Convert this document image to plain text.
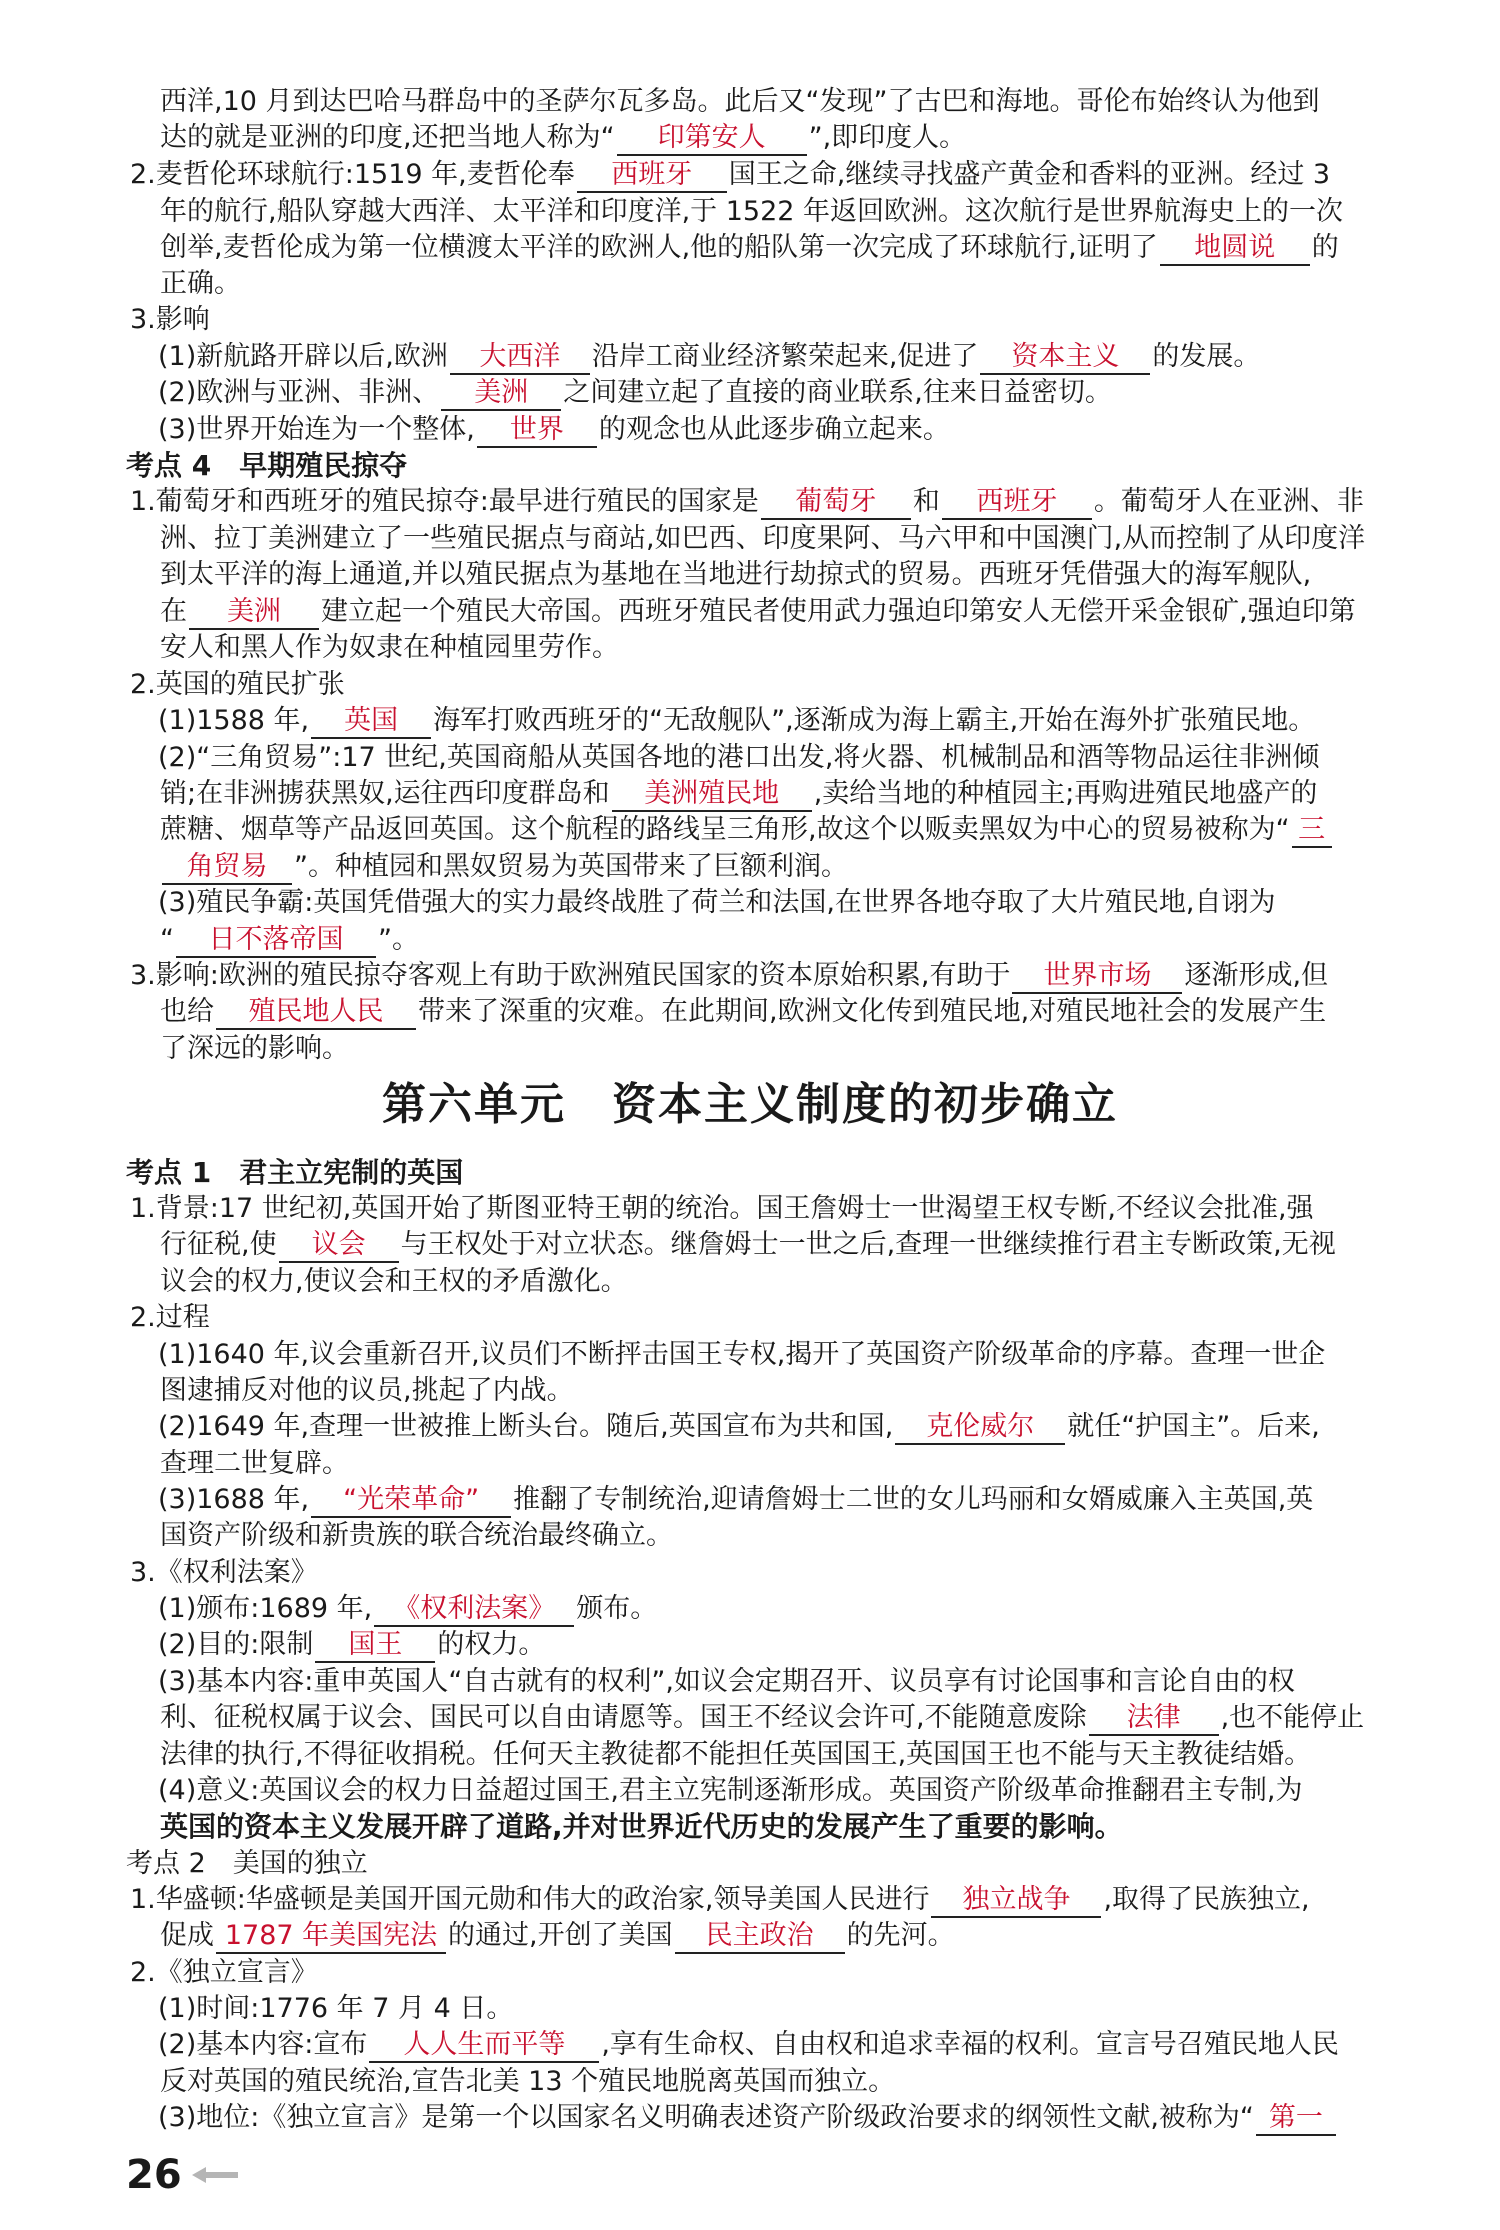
第六单元　资本主义制度的初步确立
西洋,10 月到达巴哈马群岛中的圣萨尔瓦多岛。此后又“发现”了古巴和海地。哥伦布始终认为他到
达的就是亚洲的印度,还把当地人称为“ 印第安人 ”,即印度人。
2.麦哲伦环球航行:1519 年,麦哲伦奉 西班牙 国王之命,继续寻找盛产黄金和香料的亚洲。经过 3
年的航行,船队穿越大西洋、太平洋和印度洋,于 1522 年返回欧洲。这次航行是世界航海史上的一次
创举,麦哲伦成为第一位横渡太平洋的欧洲人,他的船队第一次完成了环球航行,证明了 地圆说 的
正确。
3.影响
(1)新航路开辟以后,欧洲 大西洋 沿岸工商业经济繁荣起来,促进了 资本主义 的发展。
(2)欧洲与亚洲、非洲、 美洲 之间建立起了直接的商业联系,往来日益密切。
(3)世界开始连为一个整体, 世界 的观念也从此逐步确立起来。
考点 4　早期殖民掠夺
1.葡萄牙和西班牙的殖民掠夺:最早进行殖民的国家是 葡萄牙 和 西班牙 。葡萄牙人在亚洲、非
洲、拉丁美洲建立了一些殖民据点与商站,如巴西、印度果阿、马六甲和中国澳门,从而控制了从印度洋
到太平洋的海上通道,并以殖民据点为基地在当地进行劫掠式的贸易。西班牙凭借强大的海军舰队,
在 美洲 建立起一个殖民大帝国。西班牙殖民者使用武力强迫印第安人无偿开采金银矿,强迫印第
安人和黑人作为奴隶在种植园里劳作。
2.英国的殖民扩张
(1)1588 年, 英国 海军打败西班牙的“无敌舰队”,逐渐成为海上霸主,开始在海外扩张殖民地。
(2)“三角贸易”:17 世纪,英国商船从英国各地的港口出发,将火器、机械制品和酒等物品运往非洲倾
销;在非洲掳获黑奴,运往西印度群岛和 美洲殖民地 ,卖给当地的种植园主;再购进殖民地盛产的
蔗糖、烟草等产品返回英国。这个航程的路线呈三角形,故这个以贩卖黑奴为中心的贸易被称为“ 三
角贸易 ”。种植园和黑奴贸易为英国带来了巨额利润。
(3)殖民争霸:英国凭借强大的实力最终战胜了荷兰和法国,在世界各地夺取了大片殖民地,自诩为
“ 日不落帝国 ”。
3.影响:欧洲的殖民掠夺客观上有助于欧洲殖民国家的资本原始积累,有助于 世界市场 逐渐形成,但
也给 殖民地人民 带来了深重的灾难。在此期间,欧洲文化传到殖民地,对殖民地社会的发展产生
了深远的影响。
考点 1　君主立宪制的英国
1.背景:17 世纪初,英国开始了斯图亚特王朝的统治。国王詹姆士一世渴望王权专断,不经议会批准,强
行征税,使 议会 与王权处于对立状态。继詹姆士一世之后,查理一世继续推行君主专断政策,无视
议会的权力,使议会和王权的矛盾激化。
2.过程
(1)1640 年,议会重新召开,议员们不断抨击国王专权,揭开了英国资产阶级革命的序幕。查理一世企
图逮捕反对他的议员,挑起了内战。
(2)1649 年,查理一世被推上断头台。随后,英国宣布为共和国, 克伦威尔 就任“护国主”。后来,
查理二世复辟。
(3)1688 年, “光荣革命” 推翻了专制统治,迎请詹姆士二世的女儿玛丽和女婿威廉入主英国,英
国资产阶级和新贵族的联合统治最终确立。
3.《权利法案》
(1)颁布:1689 年, 《权利法案》 颁布。
(2)目的:限制 国王 的权力。
(3)基本内容:重申英国人“自古就有的权利”,如议会定期召开、议员享有讨论国事和言论自由的权
利、征税权属于议会、国民可以自由请愿等。国王不经议会许可,不能随意废除 法律 ,也不能停止
法律的执行,不得征收捐税。任何天主教徒都不能担任英国国王,英国国王也不能与天主教徒结婚。
(4)意义:英国议会的权力日益超过国王,君主立宪制逐渐形成。英国资产阶级革命推翻君主专制,为
英国的资本主义发展开辟了道路,并对世界近代历史的发展产生了重要的影响。
考点 2　美国的独立
1.华盛顿:华盛顿是美国开国元勋和伟大的政治家,领导美国人民进行 独立战争 ,取得了民族独立,
促成 1787 年美国宪法 的通过,开创了美国 民主政治 的先河。
2.《独立宣言》
(1)时间:1776 年 7 月 4 日。
(2)基本内容:宣布 人人生而平等 ,享有生命权、自由权和追求幸福的权利。宣言号召殖民地人民
反对英国的殖民统治,宣告北美 13 个殖民地脱离英国而独立。
(3)地位:《独立宣言》是第一个以国家名义明确表述资产阶级政治要求的纲领性文献,被称为“ 第一
26
